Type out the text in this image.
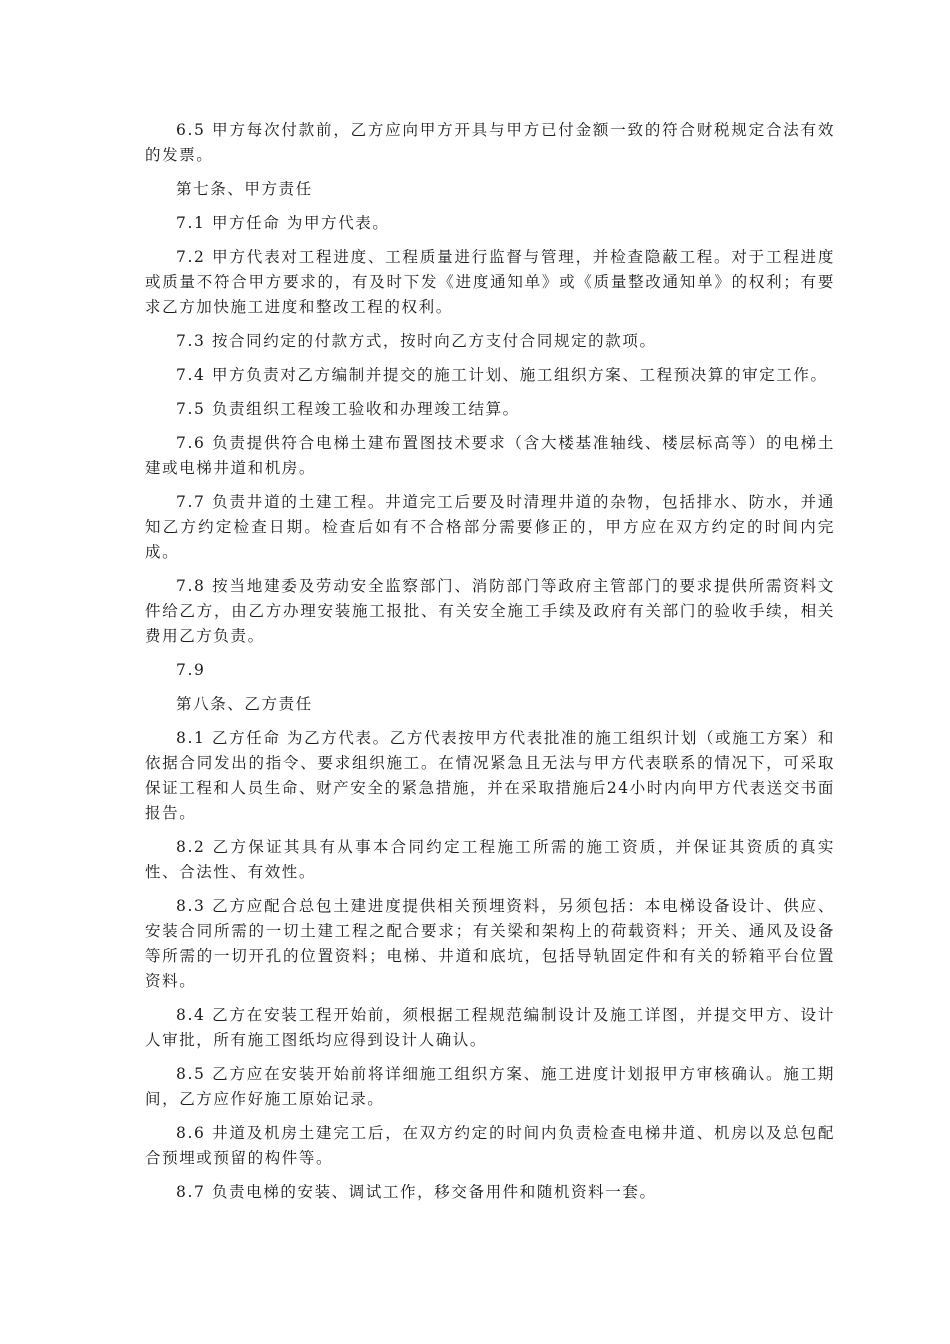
6.5 甲方每次付款前，乙方应向甲方开具与甲方已付金额一致的符合财税规定合法有效的发票。

第七条、甲方责任

7.1 甲方任命 为甲方代表。

7.2 甲方代表对工程进度、工程质量进行监督与管理，并检查隐蔽工程。对于工程进度或质量不符合甲方要求的，有及时下发《进度通知单》或《质量整改通知单》的权利；有要求乙方加快施工进度和整改工程的权利。

7.3 按合同约定的付款方式，按时向乙方支付合同规定的款项。

7.4 甲方负责对乙方编制并提交的施工计划、施工组织方案、工程预决算的审定工作。

7.5 负责组织工程竣工验收和办理竣工结算。

7.6 负责提供符合电梯土建布置图技术要求（含大楼基准轴线、楼层标高等）的电梯土建或电梯井道和机房。

7.7 负责井道的土建工程。井道完工后要及时清理井道的杂物，包括排水、防水，并通知乙方约定检查日期。检查后如有不合格部分需要修正的，甲方应在双方约定的时间内完成。

7.8 按当地建委及劳动安全监察部门、消防部门等政府主管部门的要求提供所需资料文件给乙方，由乙方办理安装施工报批、有关安全施工手续及政府有关部门的验收手续，相关费用乙方负责。

7.9

第八条、乙方责任

8.1 乙方任命 为乙方代表。乙方代表按甲方代表批准的施工组织计划（或施工方案）和依据合同发出的指令、要求组织施工。在情况紧急且无法与甲方代表联系的情况下，可采取保证工程和人员生命、财产安全的紧急措施，并在采取措施后24小时内向甲方代表送交书面报告。

8.2 乙方保证其具有从事本合同约定工程施工所需的施工资质，并保证其资质的真实性、合法性、有效性。

8.3 乙方应配合总包土建进度提供相关预埋资料，另须包括：本电梯设备设计、供应、安装合同所需的一切土建工程之配合要求；有关梁和架构上的荷载资料；开关、通风及设备等所需的一切开孔的位置资料；电梯、井道和底坑，包括导轨固定件和有关的轿箱平台位置资料。

8.4 乙方在安装工程开始前，须根据工程规范编制设计及施工详图，并提交甲方、设计人审批，所有施工图纸均应得到设计人确认。

8.5 乙方应在安装开始前将详细施工组织方案、施工进度计划报甲方审核确认。施工期间，乙方应作好施工原始记录。

8.6 井道及机房土建完工后，在双方约定的时间内负责检查电梯井道、机房以及总包配合预埋或预留的构件等。

8.7 负责电梯的安装、调试工作，移交备用件和随机资料一套。
